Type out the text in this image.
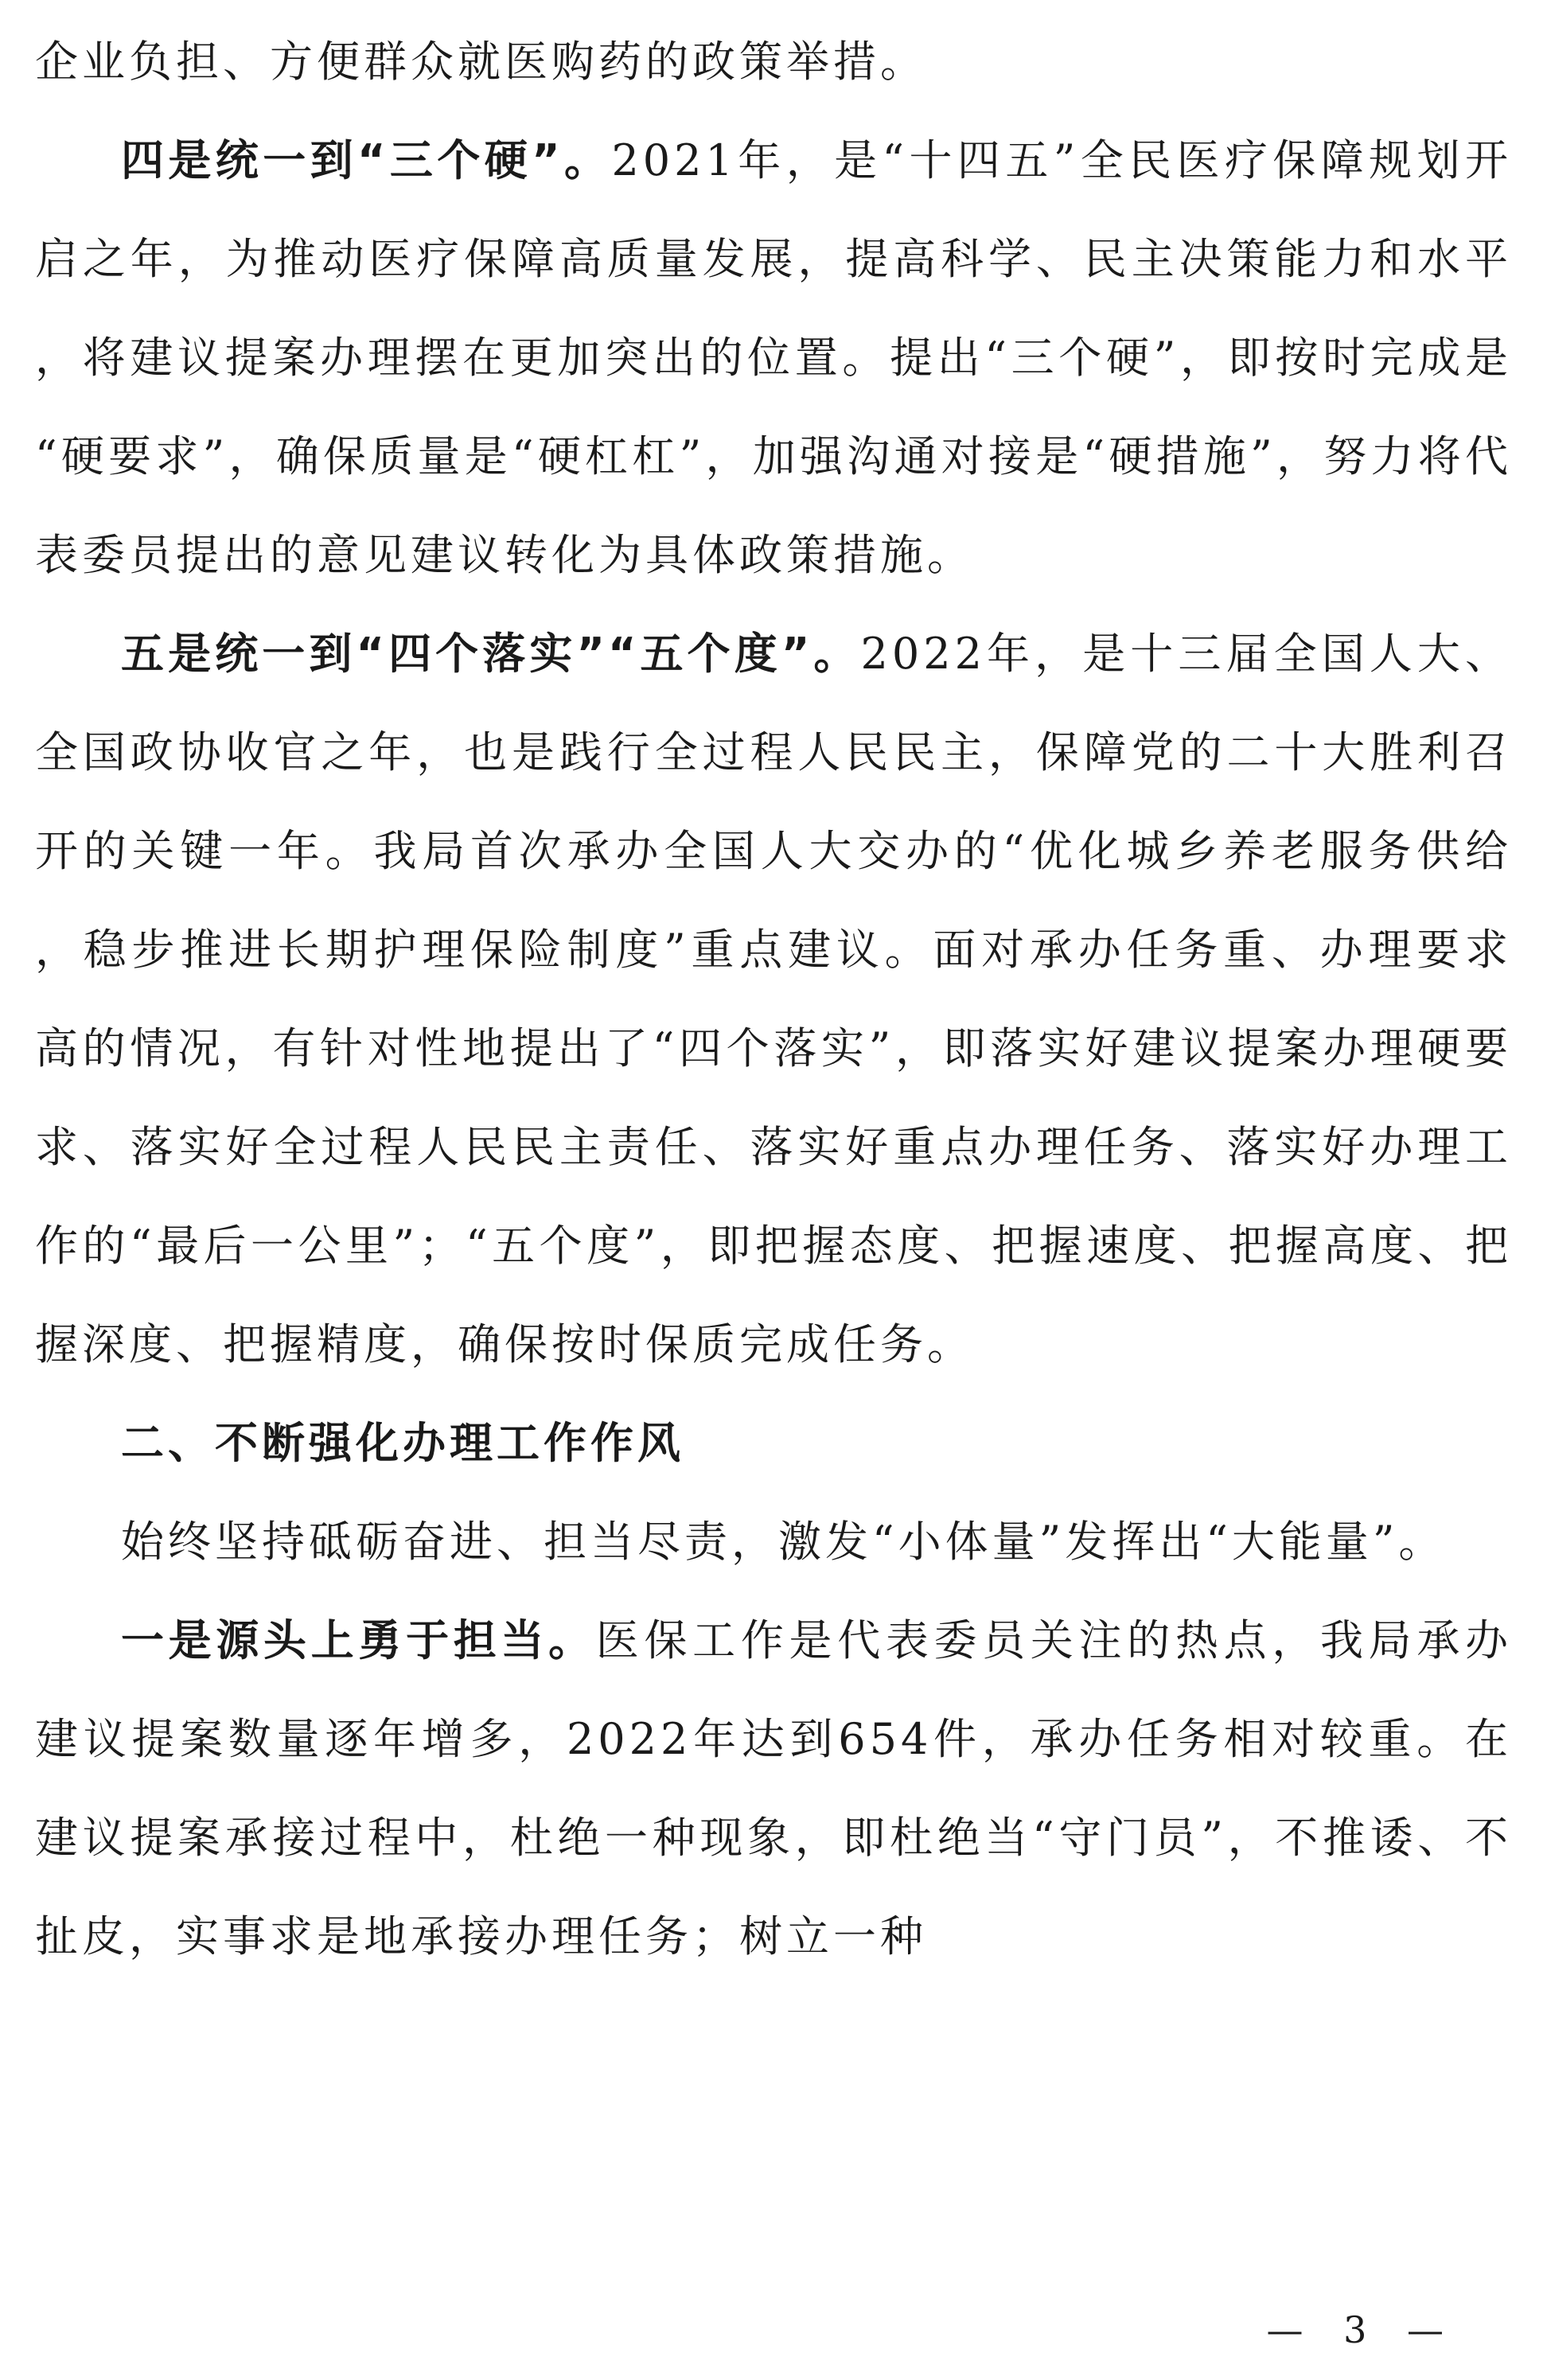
企业负担、方便群众就医购药的政策举措。

四是统一到“三个硬”。2021年，是“十四五”全民医疗保障规划开启之年，为推动医疗保障高质量发展，提高科学、民主决策能力和水平，将建议提案办理摆在更加突出的位置。提出“三个硬”，即按时完成是“硬要求”，确保质量是“硬杠杠”，加强沟通对接是“硬措施”，努力将代表委员提出的意见建议转化为具体政策措施。

五是统一到“四个落实”“五个度”。2022年，是十三届全国人大、全国政协收官之年，也是践行全过程人民民主，保障党的二十大胜利召开的关键一年。我局首次承办全国人大交办的“优化城乡养老服务供给，稳步推进长期护理保险制度”重点建议。面对承办任务重、办理要求高的情况，有针对性地提出了“四个落实”，即落实好建议提案办理硬要求、落实好全过程人民民主责任、落实好重点办理任务、落实好办理工作的“最后一公里”；“五个度”，即把握态度、把握速度、把握高度、把握深度、把握精度，确保按时保质完成任务。

二、不断强化办理工作作风

始终坚持砥砺奋进、担当尽责，激发“小体量”发挥出“大能量”。

一是源头上勇于担当。医保工作是代表委员关注的热点，我局承办建议提案数量逐年增多，2022年达到654件，承办任务相对较重。在建议提案承接过程中，杜绝一种现象，即杜绝当“守门员”，不推诿、不扯皮，实事求是地承接办理任务；树立一种

— 3 —
